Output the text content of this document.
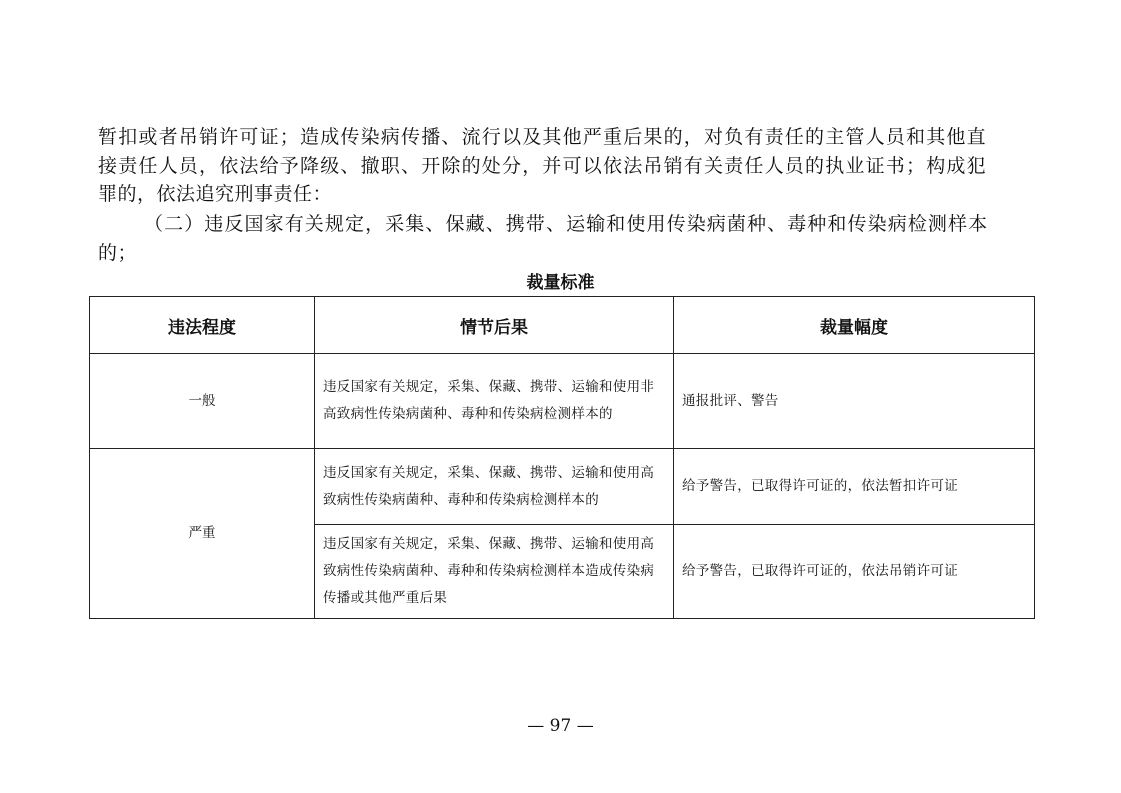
暂扣或者吊销许可证；造成传染病传播、流行以及其他严重后果的，对负有责任的主管人员和其他直

接责任人员，依法给予降级、撤职、开除的处分，并可以依法吊销有关责任人员的执业证书；构成犯

罪的，依法追究刑事责任：

（二）违反国家有关规定，采集、保藏、携带、运输和使用传染病菌种、毒种和传染病检测样本

的；

裁量标准

违法程度	情节后果	裁量幅度
一般	违反国家有关规定，采集、保藏、携带、运输和使用非高致病性传染病菌种、毒种和传染病检测样本的	通报批评、警告
严重	违反国家有关规定，采集、保藏、携带、运输和使用高致病性传染病菌种、毒种和传染病检测样本的	给予警告，已取得许可证的，依法暂扣许可证
	违反国家有关规定，采集、保藏、携带、运输和使用高致病性传染病菌种、毒种和传染病检测样本造成传染病传播或其他严重后果	给予警告，已取得许可证的，依法吊销许可证

— 97 —
